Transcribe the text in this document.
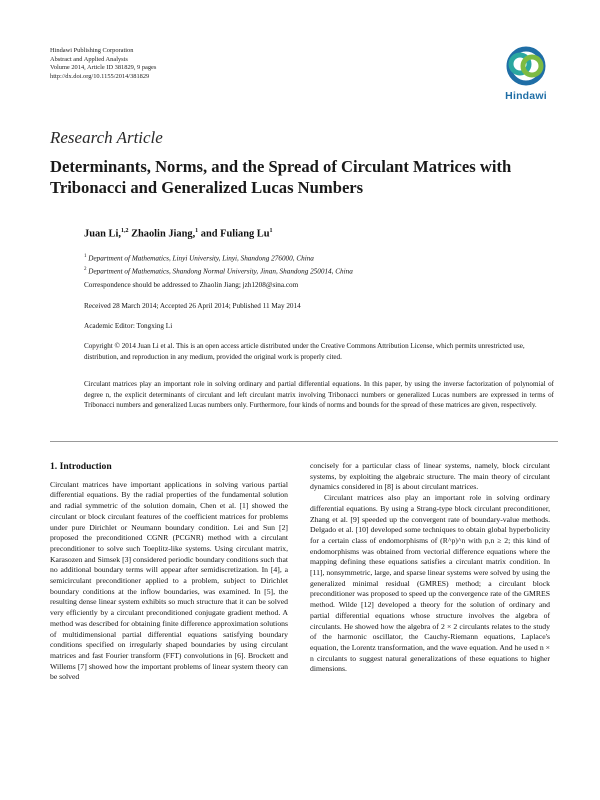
Hindawi Publishing Corporation
Abstract and Applied Analysis
Volume 2014, Article ID 381829, 9 pages
http://dx.doi.org/10.1155/2014/381829
Hindawi
Research Article
Determinants, Norms, and the Spread of Circulant Matrices with Tribonacci and Generalized Lucas Numbers
Juan Li,$^{1,2}$ Zhaolin Jiang,$^1$ and Fuliang Lu$^1$
$^1$ Department of Mathematics, Linyi University, Linyi, Shandong 276000, China
$^2$ Department of Mathematics, Shandong Normal University, Jinan, Shandong 250014, China
Correspondence should be addressed to Zhaolin Jiang; jzh1208@sina.com
Received 28 March 2014; Accepted 26 April 2014; Published 11 May 2014
Academic Editor: Tongxing Li
Copyright © 2014 Juan Li et al. This is an open access article distributed under the Creative Commons Attribution License, which permits unrestricted use, distribution, and reproduction in any medium, provided the original work is properly cited.
Circulant matrices play an important role in solving ordinary and partial differential equations. In this paper, by using the inverse factorization of polynomial of degree n, the explicit determinants of circulant and left circulant matrix involving Tribonacci numbers or generalized Lucas numbers are expressed in terms of Tribonacci numbers and generalized Lucas numbers only. Furthermore, four kinds of norms and bounds for the spread of these matrices are given, respectively.
1. Introduction

Circulant matrices have important applications in solving various partial differential equations. By the radial properties of the fundamental solution and radial symmetric of the solution domain, Chen et al. [1] showed the circulant or block circulant features of the coefficient matrices for problems under pure Dirichlet or Neumann boundary condition. Lei and Sun [2] proposed the preconditioned CGNR (PCGNR) method with a circulant preconditioner to solve such Toeplitz-like systems. Using circulant matrix, Karasozen and Simsek [3] considered periodic boundary conditions such that no additional boundary terms will appear after semidiscretization. In [4], a semicirculant preconditioner applied to a problem, subject to Dirichlet boundary conditions at the inflow boundaries, was examined. In [5], the resulting dense linear system exhibits so much structure that it can be solved very efficiently by a circulant preconditioned conjugate gradient method. A method was described for obtaining finite difference approximation solutions of multidimensional partial differential equations satisfying boundary conditions specified on irregularly shaped boundaries by using circulant matrices and fast Fourier transform (FFT) convolutions in [6]. Brockett and Willems [7] showed how the important problems of linear system theory can be solved

concisely for a particular class of linear systems, namely, block circulant systems, by exploiting the algebraic structure. The main theory of circulant dynamics considered in [8] is about circulant matrices.

Circulant matrices also play an important role in solving ordinary differential equations. By using a Strang-type block circulant preconditioner, Zhang et al. [9] speeded up the convergent rate of boundary-value methods. Delgado et al. [10] developed some techniques to obtain global hyperbolicity for a certain class of endomorphisms of (R^p)^n with p,n ≥ 2; this kind of endomorphisms was obtained from vectorial difference equations where the mapping defining these equations satisfies a circulant matrix condition. In [11], nonsymmetric, large, and sparse linear systems were solved by using the generalized minimal residual (GMRES) method; a circulant block preconditioner was proposed to speed up the convergence rate of the GMRES method. Wilde [12] developed a theory for the solution of ordinary and partial differential equations whose structure involves the algebra of circulants. He showed how the algebra of 2 × 2 circulants relates to the study of the harmonic oscillator, the Cauchy-Riemann equations, Laplace's equation, the Lorentz transformation, and the wave equation. And he used n × n circulants to suggest natural generalizations of these equations to higher dimensions.
